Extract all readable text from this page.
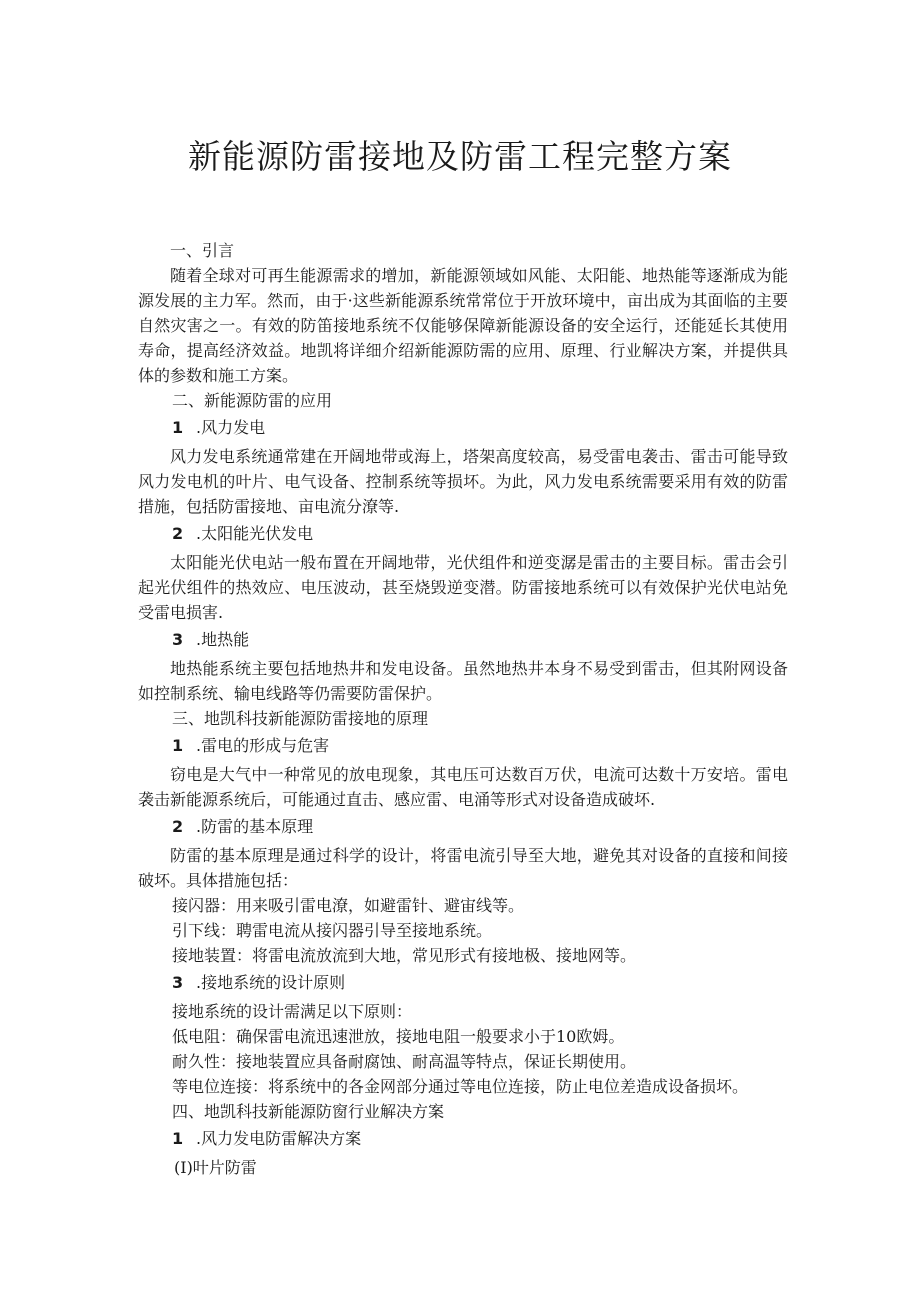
新能源防雷接地及防雷工程完整方案

一、引言

随着全球对可再生能源需求的增加，新能源领域如风能、太阳能、地热能等逐渐成为能源发展的主力军。然而，由于·这些新能源系统常常位于开放环境中，亩出成为其面临的主要自然灾害之一。有效的防笛接地系统不仅能够保障新能源设备的安全运行，还能延长其使用寿命，提高经济效益。地凯将详细介绍新能源防需的应用、原理、行业解决方案，并提供具体的参数和施工方案。

二、新能源防雷的应用

1 .风力发电

风力发电系统通常建在开阔地带或海上，塔架高度较高，易受雷电袭击、雷击可能导致风力发电机的叶片、电气设备、控制系统等损坏。为此，风力发电系统需要采用有效的防雷措施，包括防雷接地、亩电流分潦等.

2 .太阳能光伏发电

太阳能光伏电站一般布置在开阔地带，光伏组件和逆变潺是雷击的主要目标。雷击会引起光伏组件的热效应、电压波动，甚至烧毁逆变潜。防雷接地系统可以有效保护光伏电站免受雷电损害.

3 .地热能

地热能系统主要包括地热井和发电设备。虽然地热井本身不易受到雷击，但其附网设备如控制系统、输电线路等仍需要防雷保护。

三、地凯科技新能源防雷接地的原理

1 .雷电的形成与危害

窃电是大气中一种常见的放电现象，其电压可达数百万伏，电流可达数十万安培。雷电袭击新能源系统后，可能通过直击、感应雷、电涌等形式对设备造成破坏.

2 .防雷的基本原理

防雷的基本原理是通过科学的设计，将雷电流引导至大地，避免其对设备的直接和间接破坏。具体措施包括：

接闪器：用来吸引雷电潦，如避雷针、避宙线等。

引下线：聘雷电流从接闪器引导至接地系统。

接地装置：将雷电流放流到大地，常见形式有接地极、接地网等。

3 .接地系统的设计原则

接地系统的设计需满足以下原则：

低电阻：确保雷电流迅速泄放，接地电阻一般要求小于10欧姆。

耐久性：接地装置应具备耐腐蚀、耐高温等特点，保证长期使用。

等电位连接：将系统中的各金网部分通过等电位连接，防止电位差造成设备损坏。

四、地凯科技新能源防窗行业解决方案

1 .风力发电防雷解决方案

(I)叶片防雷
